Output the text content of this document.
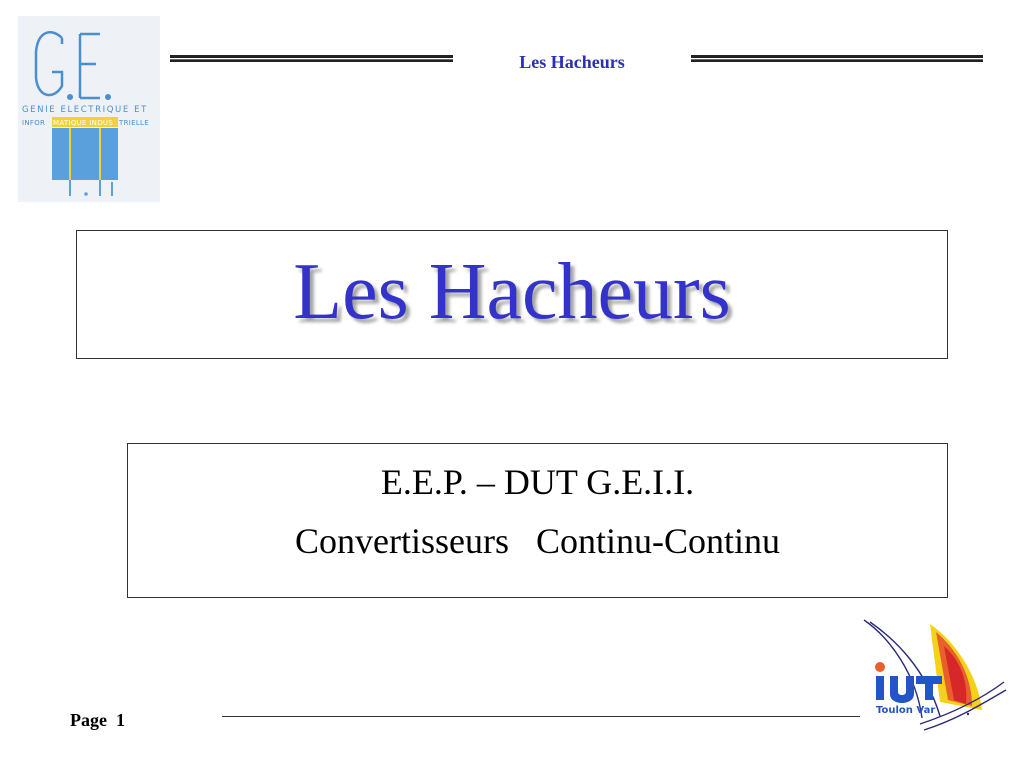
GENIE ELECTRIQUE ET
INFOR MATIQUE INDUS TRIELLE
Les Hacheurs
Les Hacheurs
E.E.P. – DUT G.E.I.I.
Convertisseurs   Continu-Continu
Page  1	Toulon Var
